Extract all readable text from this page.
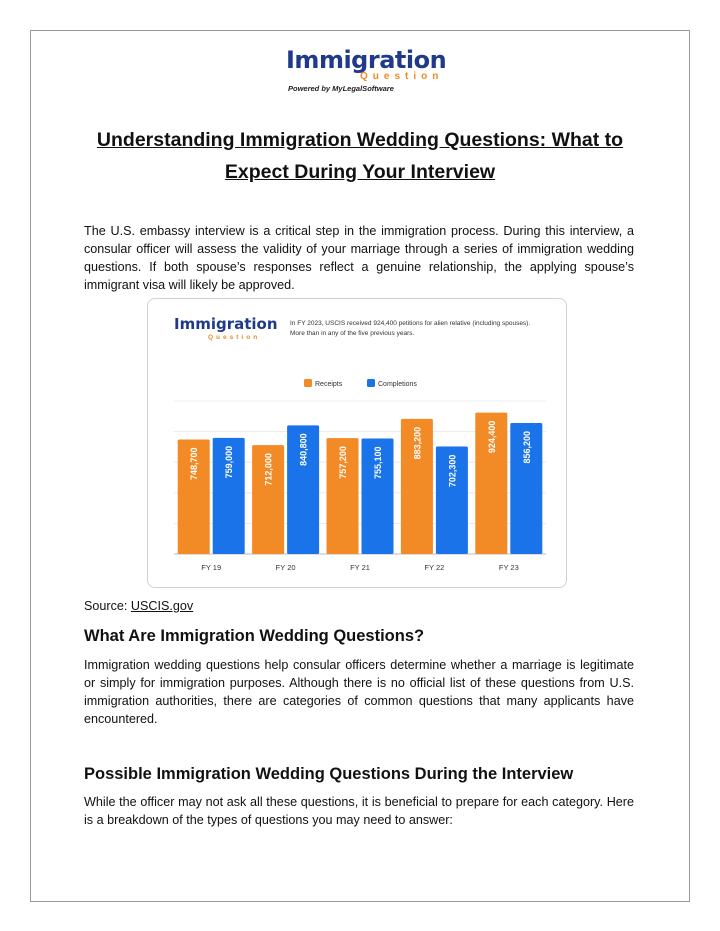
Immigration
Question
Powered by MyLegalSoftware
Understanding Immigration Wedding Questions: What to Expect During Your Interview
The U.S. embassy interview is a critical step in the immigration process. During this interview, a consular officer will assess the validity of your marriage through a series of immigration wedding questions. If both spouse’s responses reflect a genuine relationship, the applying spouse’s immigrant visa will likely be approved.
Immigration
Question
In FY 2023, USCIS received 924,400 petitions for alien relative (including spouses).
More than in any of the five previous years.
Receipts	Completions
748,700	759,000
FY 19
712,000
840,800
FY 20
757,200	755,100
FY 21
883,200
702,300
FY 22
924,400	856,200
FY 23
Source: USCIS.gov
What Are Immigration Wedding Questions?
Immigration wedding questions help consular officers determine whether a marriage is legitimate or simply for immigration purposes. Although there is no official list of these questions from U.S. immigration authorities, there are categories of common questions that many applicants have encountered.
Possible Immigration Wedding Questions During the Interview
While the officer may not ask all these questions, it is beneficial to prepare for each category. Here is a breakdown of the types of questions you may need to answer:
